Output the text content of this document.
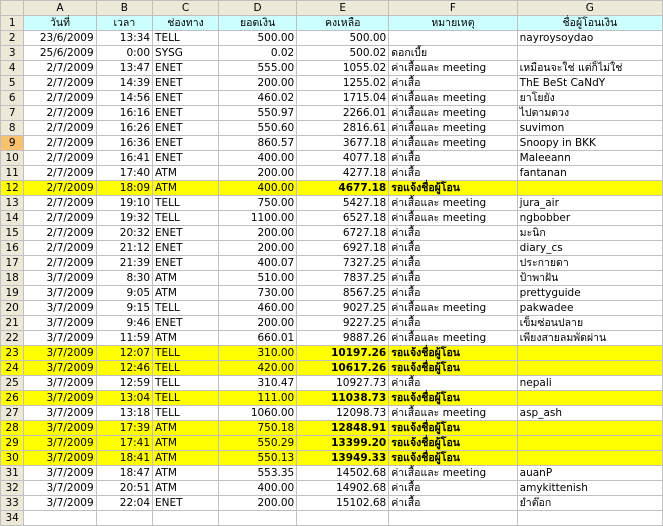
	A	B	C	D	E	F	G
1	วันที่	เวลา	ช่องทาง	ยอดเงิน	คงเหลือ	หมายเหตุ	ชื่อผู้โอนเงิน
2	23/6/2009	13:34	TELL	500.00	500.00		nayroysoydao
3	25/6/2009	0:00	SYSG	0.02	500.02	ดอกเบี้ย	
4	2/7/2009	13:47	ENET	555.00	1055.02	ค่าเสื้อและ meeting	เหมือนจะใช่ แต่ก็ไม่ใช่
5	2/7/2009	14:39	ENET	200.00	1255.02	ค่าเสื้อ	ThE BeSt CaNdY
6	2/7/2009	14:56	ENET	460.02	1715.04	ค่าเสื้อและ meeting	ยาโยยัง
7	2/7/2009	16:16	ENET	550.97	2266.01	ค่าเสื้อและ meeting	ไปตามดวง
8	2/7/2009	16:26	ENET	550.60	2816.61	ค่าเสื้อและ meeting	suvimon
9	2/7/2009	16:36	ENET	860.57	3677.18	ค่าเสื้อและ meeting	Snoopy in BKK
10	2/7/2009	16:41	ENET	400.00	4077.18	ค่าเสื้อ	Maleeann
11	2/7/2009	17:40	ATM	200.00	4277.18	ค่าเสื้อ	fantanan
12	2/7/2009	18:09	ATM	400.00	4677.18	รอแจ้งชื่อผู้โอน	
13	2/7/2009	19:10	TELL	750.00	5427.18	ค่าเสื้อและ meeting	jura_air
14	2/7/2009	19:32	TELL	1100.00	6527.18	ค่าเสื้อและ meeting	ngbobber
15	2/7/2009	20:32	ENET	200.00	6727.18	ค่าเสื้อ	มะนิก
16	2/7/2009	21:12	ENET	200.00	6927.18	ค่าเสื้อ	diary_cs
17	2/7/2009	21:39	ENET	400.07	7327.25	ค่าเสื้อ	ประกายดา
18	3/7/2009	8:30	ATM	510.00	7837.25	ค่าเสื้อ	ป้าพาฝัน
19	3/7/2009	9:05	ATM	730.00	8567.25	ค่าเสื้อ	prettyguide
20	3/7/2009	9:15	TELL	460.00	9027.25	ค่าเสื้อและ meeting	pakwadee
21	3/7/2009	9:46	ENET	200.00	9227.25	ค่าเสื้อ	เข็มซ่อนปลาย
22	3/7/2009	11:59	ATM	660.01	9887.26	ค่าเสื้อและ meeting	เพียงสายลมพัดผ่าน
23	3/7/2009	12:07	TELL	310.00	10197.26	รอแจ้งชื่อผู้โอน	
24	3/7/2009	12:46	TELL	420.00	10617.26	รอแจ้งชื่อผู้โอน	
25	3/7/2009	12:59	TELL	310.47	10927.73	ค่าเสื้อ	nepali
26	3/7/2009	13:04	TELL	111.00	11038.73	รอแจ้งชื่อผู้โอน	
27	3/7/2009	13:18	TELL	1060.00	12098.73	ค่าเสื้อและ meeting	asp_ash
28	3/7/2009	17:39	ATM	750.18	12848.91	รอแจ้งชื่อผู้โอน	
29	3/7/2009	17:41	ATM	550.29	13399.20	รอแจ้งชื่อผู้โอน	
30	3/7/2009	18:41	ATM	550.13	13949.33	รอแจ้งชื่อผู้โอน	
31	3/7/2009	18:47	ATM	553.35	14502.68	ค่าเสื้อและ meeting	auanP
32	3/7/2009	20:51	ATM	400.00	14902.68	ค่าเสื้อ	amykittenish
33	3/7/2009	22:04	ENET	200.00	15102.68	ค่าเสื้อ	ยำต๊อก
34							
